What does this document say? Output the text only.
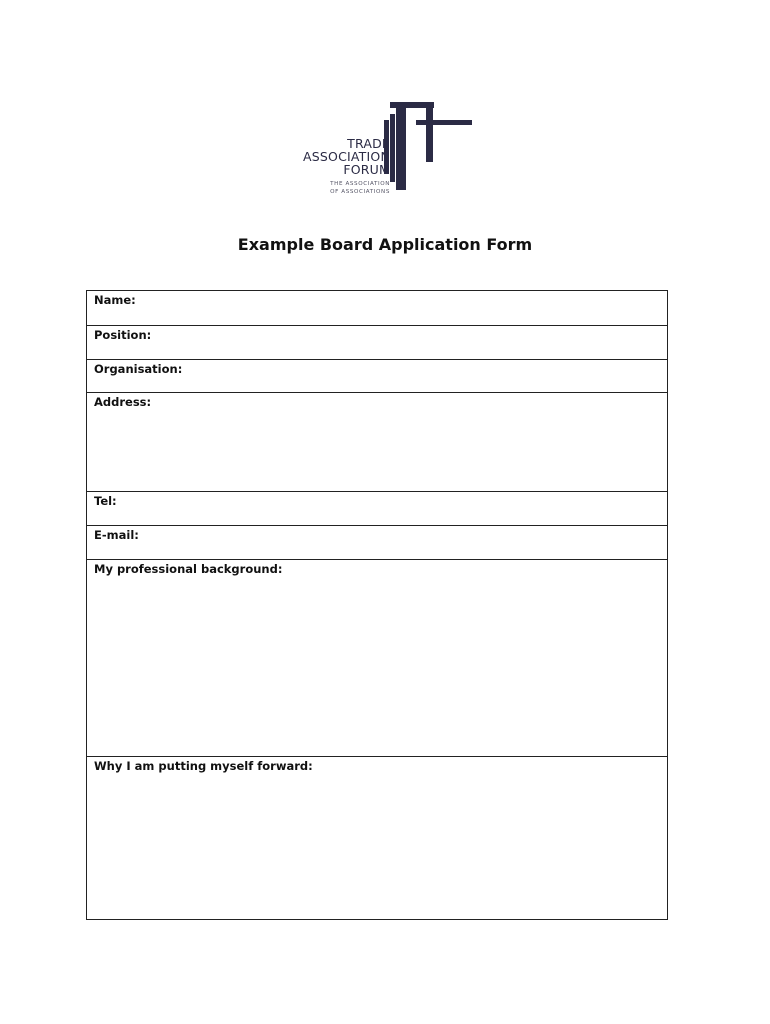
TRADE
ASSOCIATION
FORUM
THE ASSOCIATION
OF ASSOCIATIONS
Example Board Application Form
Name:
Position:
Organisation:
Address:
Tel:
E-mail:
My professional background:
Why I am putting myself forward:
